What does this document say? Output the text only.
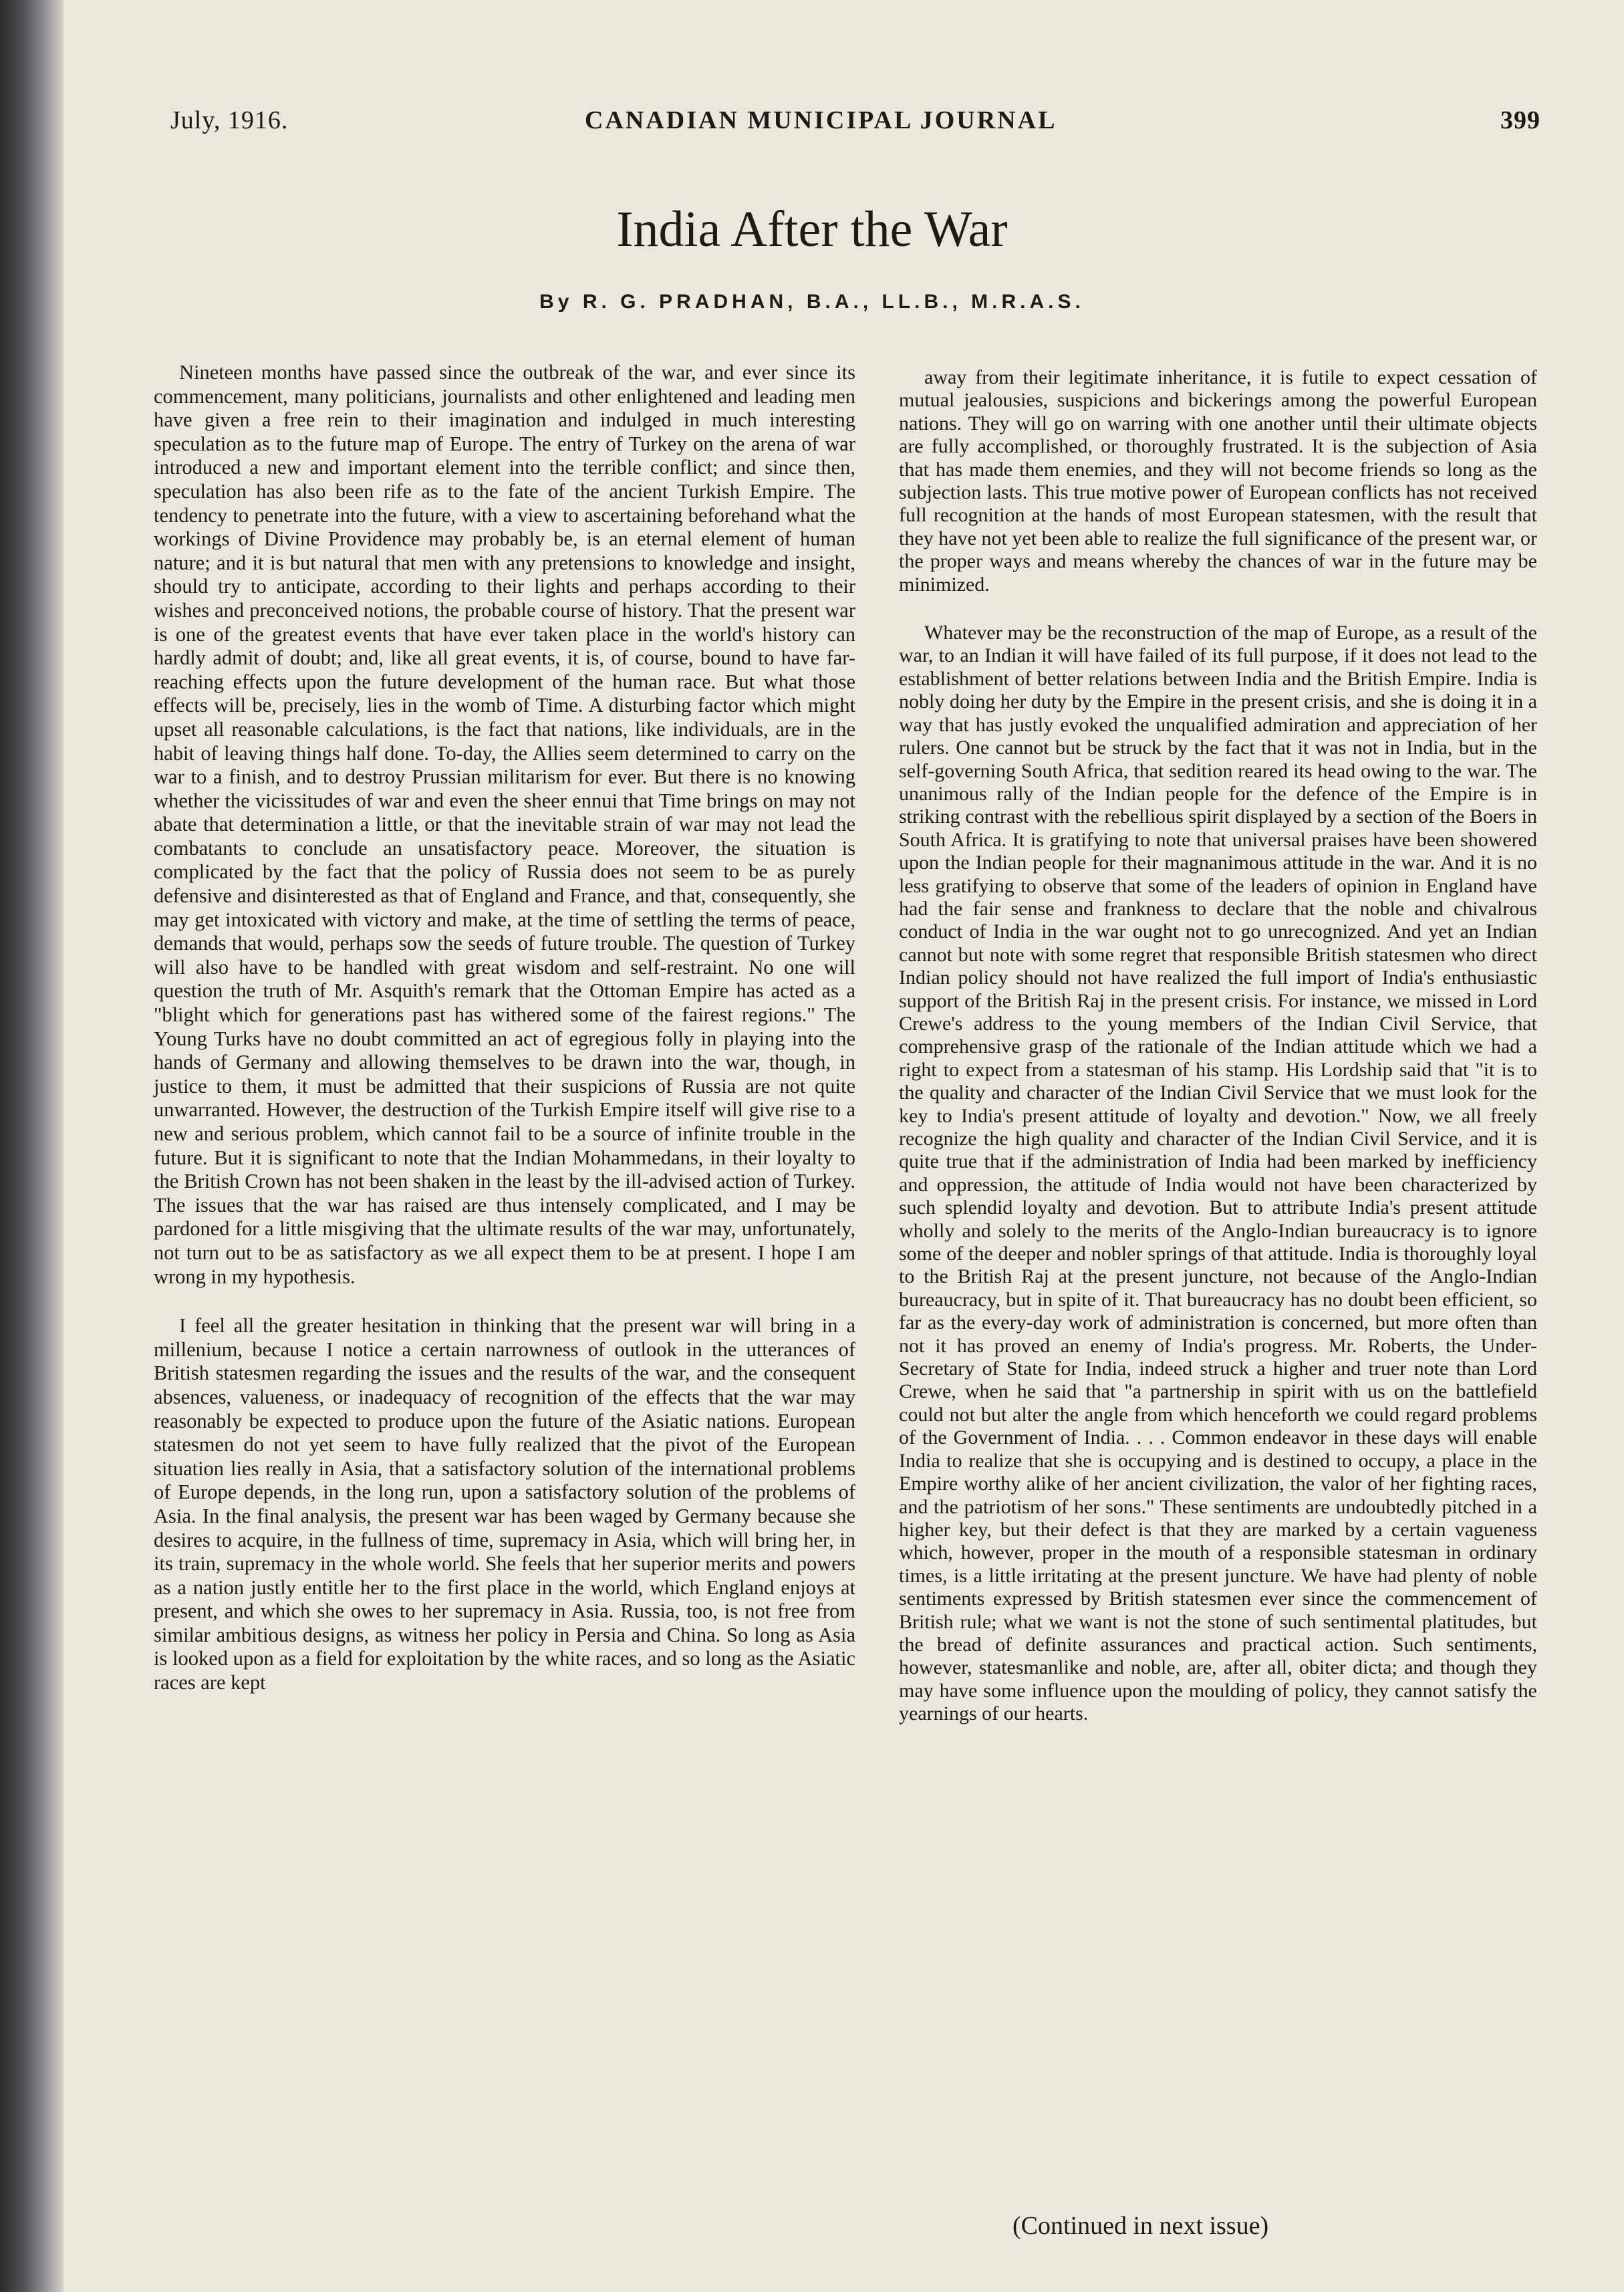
July, 1916.	CANADIAN MUNICIPAL JOURNAL	399
India After the War
By R. G. PRADHAN, B.A., LL.B., M.R.A.S.

Nineteen months have passed since the outbreak of the war, and ever since its commencement, many politicians, journalists and other enlightened and leading men have given a free rein to their imagination and indulged in much interesting speculation as to the future map of Europe. The entry of Turkey on the arena of war introduced a new and important element into the terrible conflict; and since then, speculation has also been rife as to the fate of the ancient Turkish Empire. The tendency to penetrate into the future, with a view to ascertaining beforehand what the workings of Divine Providence may probably be, is an eternal element of human nature; and it is but natural that men with any pretensions to knowledge and insight, should try to anticipate, according to their lights and perhaps according to their wishes and preconceived notions, the probable course of history. That the present war is one of the greatest events that have ever taken place in the world's history can hardly admit of doubt; and, like all great events, it is, of course, bound to have far-reaching effects upon the future development of the human race. But what those effects will be, precisely, lies in the womb of Time. A disturbing factor which might upset all reasonable calculations, is the fact that nations, like individuals, are in the habit of leaving things half done. To-day, the Allies seem determined to carry on the war to a finish, and to destroy Prussian militarism for ever. But there is no knowing whether the vicissitudes of war and even the sheer ennui that Time brings on may not abate that determination a little, or that the inevitable strain of war may not lead the combatants to conclude an unsatisfactory peace. Moreover, the situation is complicated by the fact that the policy of Russia does not seem to be as purely defensive and disinterested as that of England and France, and that, consequently, she may get intoxicated with victory and make, at the time of settling the terms of peace, demands that would, perhaps sow the seeds of future trouble. The question of Turkey will also have to be handled with great wisdom and self-restraint. No one will question the truth of Mr. Asquith's remark that the Ottoman Empire has acted as a "blight which for generations past has withered some of the fairest regions." The Young Turks have no doubt committed an act of egregious folly in playing into the hands of Germany and allowing themselves to be drawn into the war, though, in justice to them, it must be admitted that their suspicions of Russia are not quite unwarranted. However, the destruction of the Turkish Empire itself will give rise to a new and serious problem, which cannot fail to be a source of infinite trouble in the future. But it is significant to note that the Indian Mohammedans, in their loyalty to the British Crown has not been shaken in the least by the ill-advised action of Turkey. The issues that the war has raised are thus intensely complicated, and I may be pardoned for a little misgiving that the ultimate results of the war may, unfortunately, not turn out to be as satisfactory as we all expect them to be at present. I hope I am wrong in my hypothesis.

I feel all the greater hesitation in thinking that the present war will bring in a millenium, because I notice a certain narrowness of outlook in the utterances of British statesmen regarding the issues and the results of the war, and the consequent absences, valueness, or inadequacy of recognition of the effects that the war may reasonably be expected to produce upon the future of the Asiatic nations. European statesmen do not yet seem to have fully realized that the pivot of the European situation lies really in Asia, that a satisfactory solution of the international problems of Europe depends, in the long run, upon a satisfactory solution of the problems of Asia. In the final analysis, the present war has been waged by Germany because she desires to acquire, in the fullness of time, supremacy in Asia, which will bring her, in its train, supremacy in the whole world. She feels that her superior merits and powers as a nation justly entitle her to the first place in the world, which England enjoys at present, and which she owes to her supremacy in Asia. Russia, too, is not free from similar ambitious designs, as witness her policy in Persia and China. So long as Asia is looked upon as a field for exploitation by the white races, and so long as the Asiatic races are kept

away from their legitimate inheritance, it is futile to expect cessation of mutual jealousies, suspicions and bickerings among the powerful European nations. They will go on warring with one another until their ultimate objects are fully accomplished, or thoroughly frustrated. It is the subjection of Asia that has made them enemies, and they will not become friends so long as the subjection lasts. This true motive power of European conflicts has not received full recognition at the hands of most European statesmen, with the result that they have not yet been able to realize the full significance of the present war, or the proper ways and means whereby the chances of war in the future may be minimized.

Whatever may be the reconstruction of the map of Europe, as a result of the war, to an Indian it will have failed of its full purpose, if it does not lead to the establishment of better relations between India and the British Empire. India is nobly doing her duty by the Empire in the present crisis, and she is doing it in a way that has justly evoked the unqualified admiration and appreciation of her rulers. One cannot but be struck by the fact that it was not in India, but in the self-governing South Africa, that sedition reared its head owing to the war. The unanimous rally of the Indian people for the defence of the Empire is in striking contrast with the rebellious spirit displayed by a section of the Boers in South Africa. It is gratifying to note that universal praises have been showered upon the Indian people for their magnanimous attitude in the war. And it is no less gratifying to observe that some of the leaders of opinion in England have had the fair sense and frankness to declare that the noble and chivalrous conduct of India in the war ought not to go unrecognized. And yet an Indian cannot but note with some regret that responsible British statesmen who direct Indian policy should not have realized the full import of India's enthusiastic support of the British Raj in the present crisis. For instance, we missed in Lord Crewe's address to the young members of the Indian Civil Service, that comprehensive grasp of the rationale of the Indian attitude which we had a right to expect from a statesman of his stamp. His Lordship said that "it is to the quality and character of the Indian Civil Service that we must look for the key to India's present attitude of loyalty and devotion." Now, we all freely recognize the high quality and character of the Indian Civil Service, and it is quite true that if the administration of India had been marked by inefficiency and oppression, the attitude of India would not have been characterized by such splendid loyalty and devotion. But to attribute India's present attitude wholly and solely to the merits of the Anglo-Indian bureaucracy is to ignore some of the deeper and nobler springs of that attitude. India is thoroughly loyal to the British Raj at the present juncture, not because of the Anglo-Indian bureaucracy, but in spite of it. That bureaucracy has no doubt been efficient, so far as the every-day work of administration is concerned, but more often than not it has proved an enemy of India's progress. Mr. Roberts, the Under-Secretary of State for India, indeed struck a higher and truer note than Lord Crewe, when he said that "a partnership in spirit with us on the battlefield could not but alter the angle from which henceforth we could regard problems of the Government of India. . . . Common endeavor in these days will enable India to realize that she is occupying and is destined to occupy, a place in the Empire worthy alike of her ancient civilization, the valor of her fighting races, and the patriotism of her sons." These sentiments are undoubtedly pitched in a higher key, but their defect is that they are marked by a certain vagueness which, however, proper in the mouth of a responsible statesman in ordinary times, is a little irritating at the present juncture. We have had plenty of noble sentiments expressed by British statesmen ever since the commencement of British rule; what we want is not the stone of such sentimental platitudes, but the bread of definite assurances and practical action. Such sentiments, however, statesmanlike and noble, are, after all, obiter dicta; and though they may have some influence upon the moulding of policy, they cannot satisfy the yearnings of our hearts.

(Continued in next issue)
